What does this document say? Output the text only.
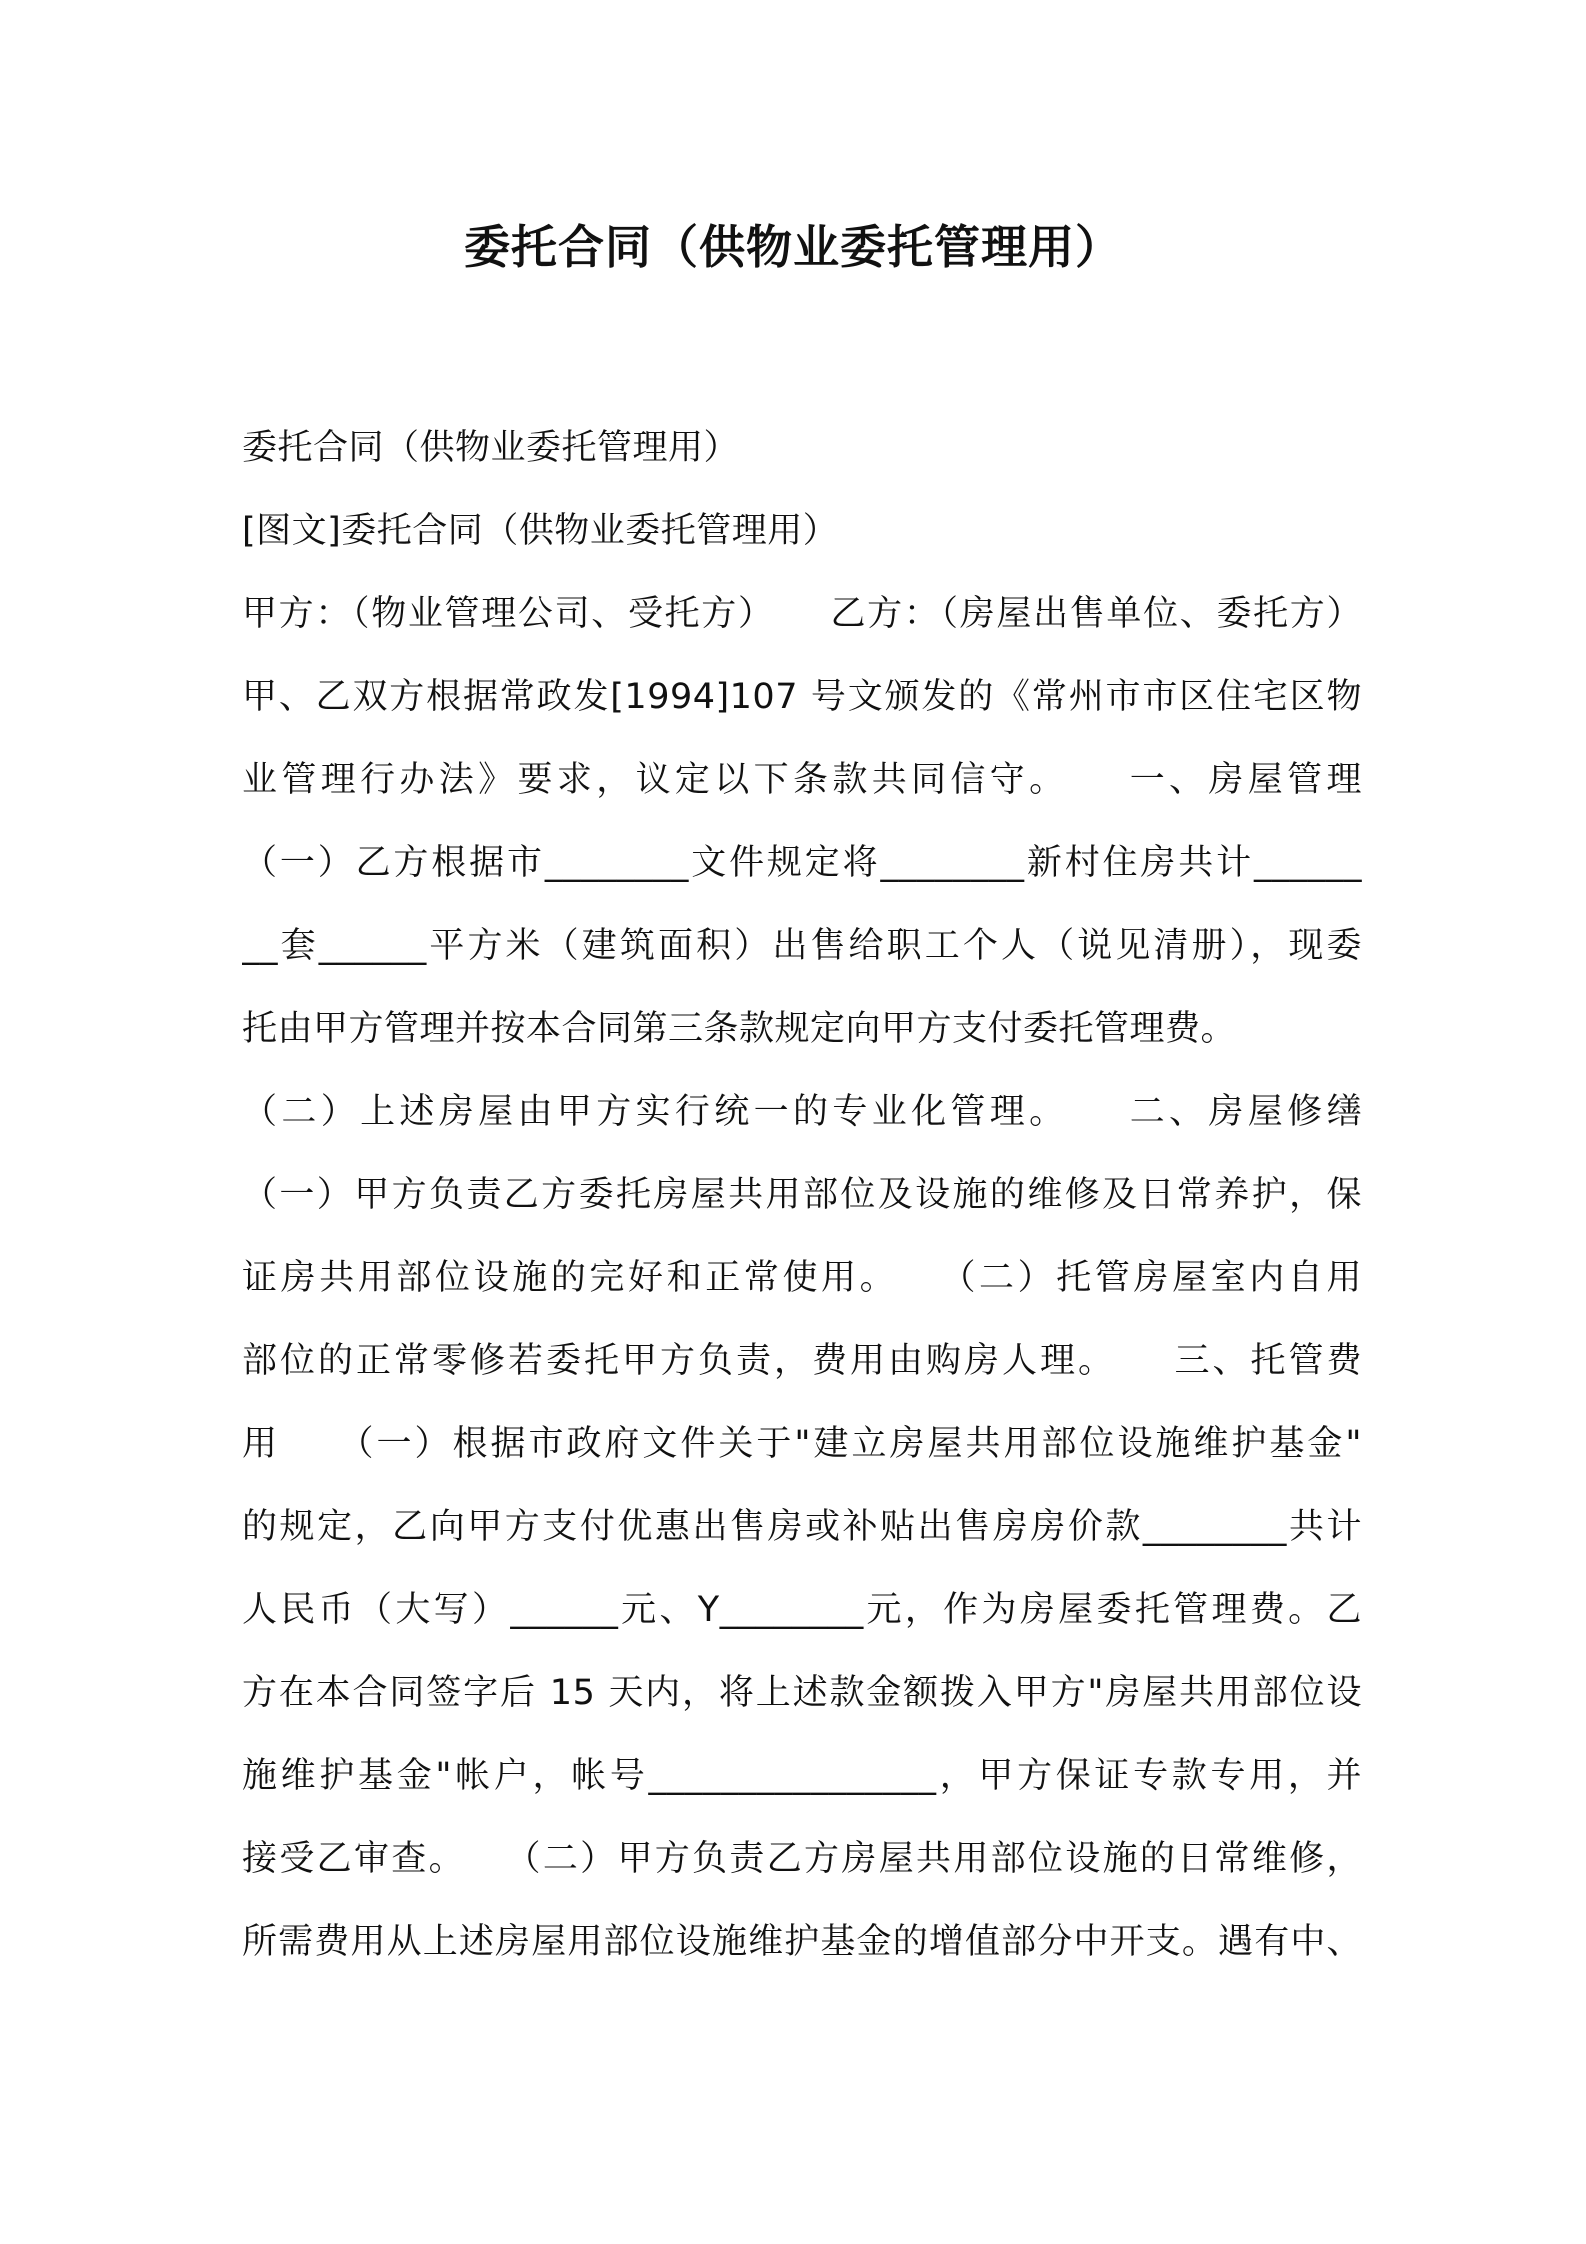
委托合同（供物业委托管理用）
委托合同（供物业委托管理用）
[图文]委托合同（供物业委托管理用）
甲方：（物业管理公司、受托方）　　乙方：（房屋出售单位、委托方）
甲、乙双方根据常政发[1994]107 号文颁发的《常州市市区住宅区物
业管理行办法》要求，议定以下条款共同信守。　　一、房屋管理
（一）乙方根据市________文件规定将________新村住房共计______
__套______平方米（建筑面积）出售给职工个人（说见清册），现委
托由甲方管理并按本合同第三条款规定向甲方支付委托管理费。
（二）上述房屋由甲方实行统一的专业化管理。　　二、房屋修缮
（一）甲方负责乙方委托房屋共用部位及设施的维修及日常养护，保
证房共用部位设施的完好和正常使用。　　（二）托管房屋室内自用
部位的正常零修若委托甲方负责，费用由购房人理。　　三、托管费
用　　（一）根据市政府文件关于"建立房屋共用部位设施维护基金"
的规定，乙向甲方支付优惠出售房或补贴出售房房价款________共计
人民币（大写）______元、Y________元，作为房屋委托管理费。乙
方在本合同签字后 15 天内，将上述款金额拨入甲方"房屋共用部位设
施维护基金"帐户，帐号________________，甲方保证专款专用，并
接受乙审查。　　（二）甲方负责乙方房屋共用部位设施的日常维修，
所需费用从上述房屋用部位设施维护基金的增值部分中开支。遇有中、
